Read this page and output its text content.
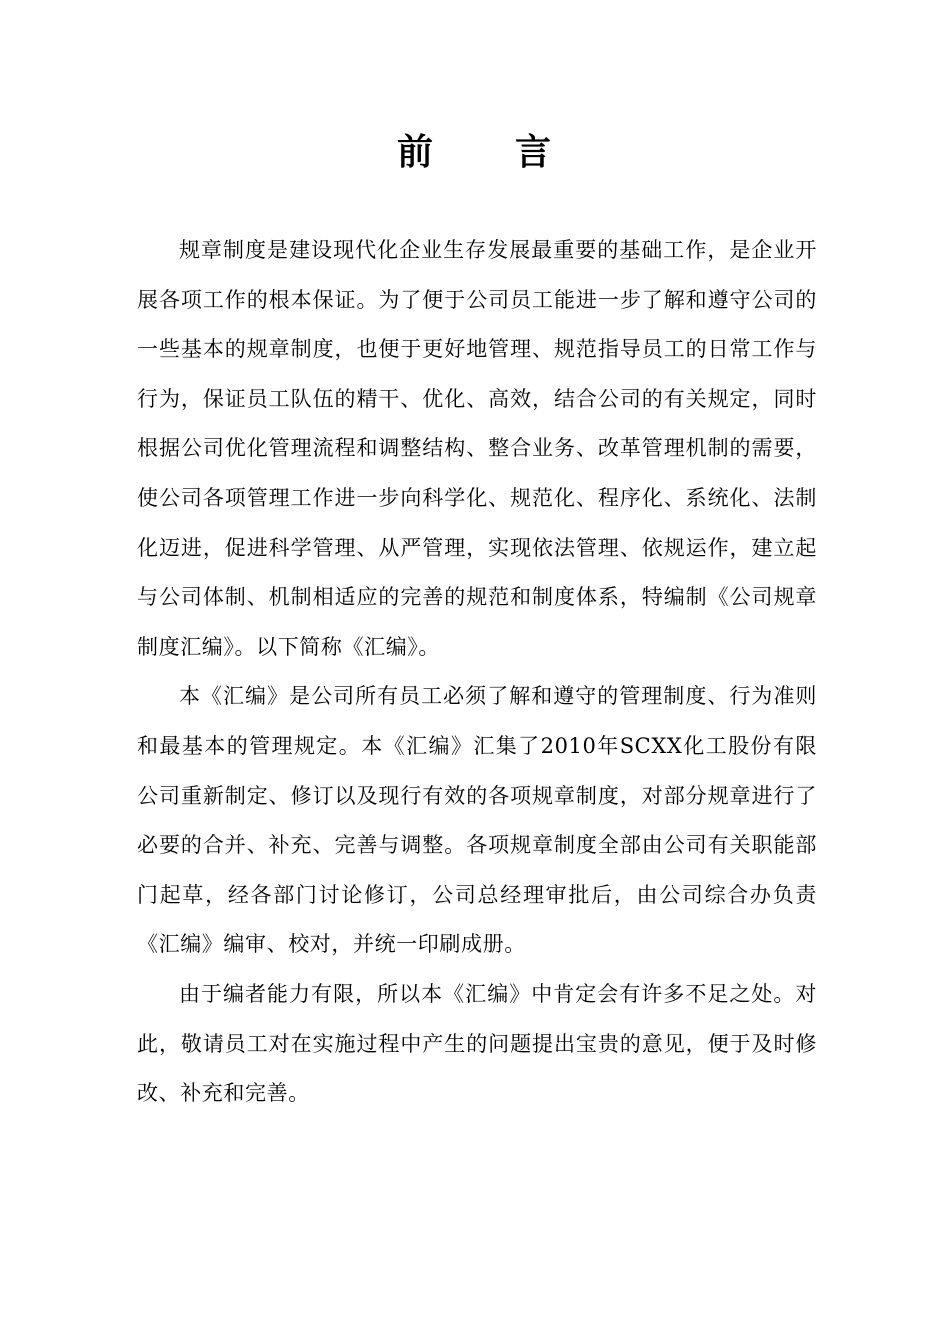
前 言

规章制度是建设现代化企业生存发展最重要的基础工作，是企业开展各项工作的根本保证。为了便于公司员工能进一步了解和遵守公司的一些基本的规章制度，也便于更好地管理、规范指导员工的日常工作与行为，保证员工队伍的精干、优化、高效，结合公司的有关规定，同时根据公司优化管理流程和调整结构、整合业务、改革管理机制的需要，使公司各项管理工作进一步向科学化、规范化、程序化、系统化、法制化迈进，促进科学管理、从严管理，实现依法管理、依规运作，建立起与公司体制、机制相适应的完善的规范和制度体系，特编制《公司规章制度汇编》。以下简称《汇编》。

本《汇编》是公司所有员工必须了解和遵守的管理制度、行为准则和最基本的管理规定。本《汇编》汇集了2010年SCXX化工股份有限公司重新制定、修订以及现行有效的各项规章制度，对部分规章进行了必要的合并、补充、完善与调整。各项规章制度全部由公司有关职能部门起草，经各部门讨论修订，公司总经理审批后，由公司综合办负责《汇编》编审、校对，并统一印刷成册。

由于编者能力有限，所以本《汇编》中肯定会有许多不足之处。对此，敬请员工对在实施过程中产生的问题提出宝贵的意见，便于及时修改、补充和完善。
